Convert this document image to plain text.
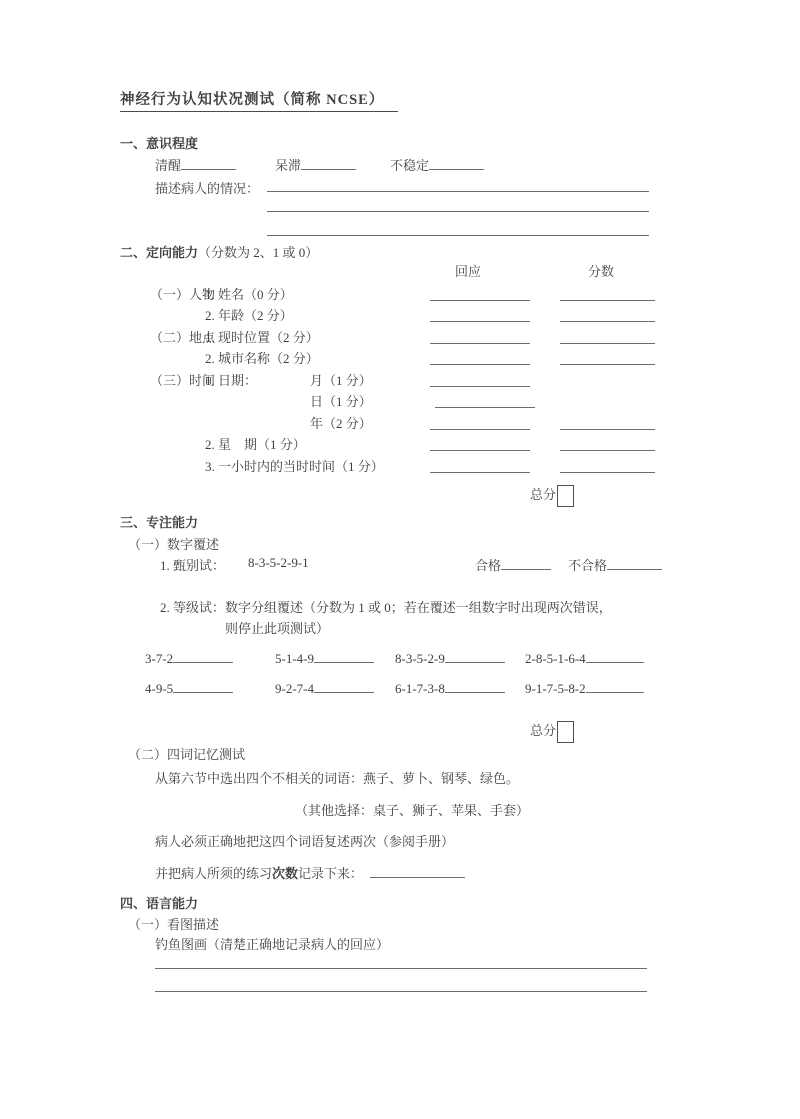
神经行为认知状况测试（简称 NCSE）
一、意识程度
清醒	呆滞	不稳定
描述病人的情况：
二、定向能力（分数为 2、1 或 0）
回应	分数
（一）人物
1. 姓名（0 分）
2. 年龄（2 分）
（二）地点
1. 现时位置（2 分）
2. 城市名称（2 分）
（三）时间
1. 日期：	月（1 分）
日（1 分）
年（2 分）
2. 星　期（1 分）
3. 一小时内的当时时间（1 分）
总分
三、专注能力
（一）数字覆述
1. 甄别试： 8-3-5-2-9-1	合格	不合格
2. 等级试：数字分组覆述（分数为 1 或 0；若在覆述一组数字时出现两次错误，
则停止此项测试）
3-7-2	5-1-4-9	8-3-5-2-9	2-8-5-1-6-4
4-9-5	9-2-7-4	6-1-7-3-8	9-1-7-5-8-2
总分
（二）四词记忆测试
从第六节中选出四个不相关的词语：燕子、萝卜、钢琴、绿色。
（其他选择：桌子、狮子、苹果、手套）
病人必须正确地把这四个词语复述两次（参阅手册）
并把病人所须的练习次数记录下来：
四、语言能力
（一）看图描述
钓鱼图画（清楚正确地记录病人的回应）
